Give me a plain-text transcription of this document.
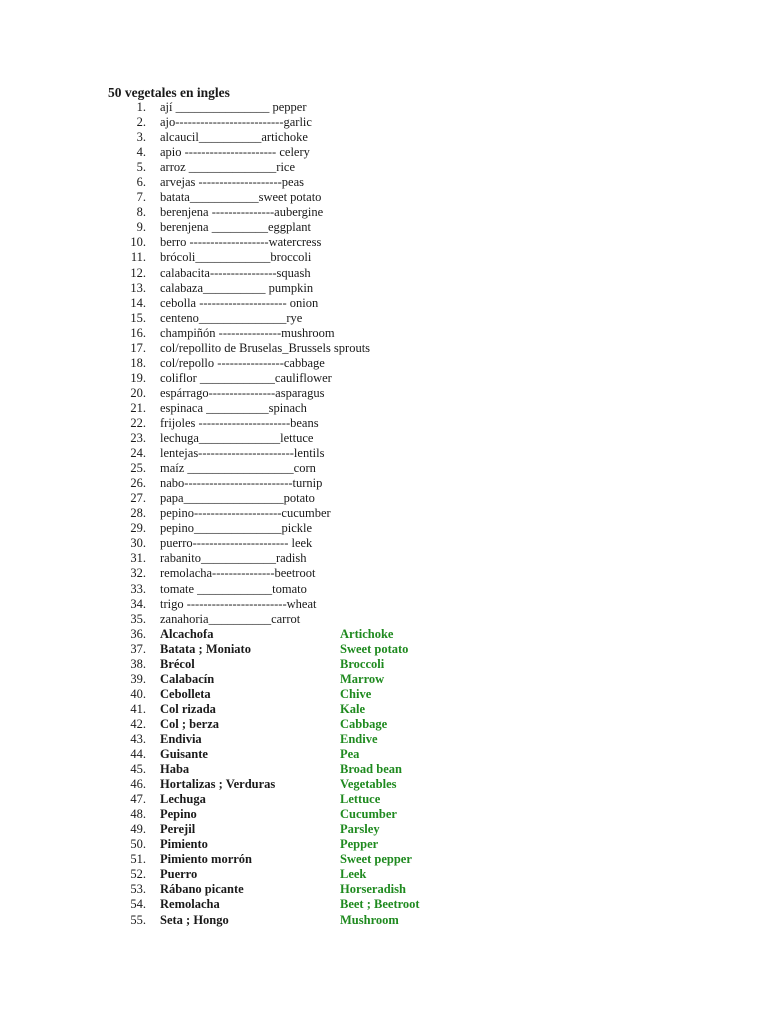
50 vegetales en ingles
1. ají _______________ pepper
2. ajo--------------------------garlic
3. alcaucil__________artichoke
4. apio ---------------------- celery
5. arroz ______________rice
6. arvejas --------------------peas
7. batata___________sweet potato
8. berenjena ---------------aubergine
9. berenjena _________eggplant
10. berro -------------------watercress
11. brócoli____________broccoli
12. calabacita----------------squash
13. calabaza__________ pumpkin
14. cebolla --------------------- onion
15. centeno______________rye
16. champiñón ---------------mushroom
17. col/repollito de Bruselas_Brussels sprouts
18. col/repollo ----------------cabbage
19. coliflor ____________cauliflower
20. espárrago----------------asparagus
21. espinaca __________spinach
22. frijoles ----------------------beans
23. lechuga_____________lettuce
24. lentejas-----------------------lentils
25. maíz _________________corn
26. nabo--------------------------turnip
27. papa________________potato
28. pepino---------------------cucumber
29. pepino______________pickle
30. puerro----------------------- leek
31. rabanito____________radish
32. remolacha---------------beetroot
33. tomate ____________tomato
34. trigo ------------------------wheat
35. zanahoria__________carrot
36. Alcachofa	Artichoke
37. Batata ; Moniato	Sweet potato
38. Brécol	Broccoli
39. Calabacín	Marrow
40. Cebolleta	Chive
41. Col rizada	Kale
42. Col ; berza	Cabbage
43. Endivia	Endive
44. Guisante	Pea
45. Haba	Broad bean
46. Hortalizas ; Verduras	Vegetables
47. Lechuga	Lettuce
48. Pepino	Cucumber
49. Perejil	Parsley
50. Pimiento	Pepper
51. Pimiento morrón	Sweet pepper
52. Puerro	Leek
53. Rábano picante	Horseradish
54. Remolacha	Beet ; Beetroot
55. Seta ; Hongo	Mushroom
